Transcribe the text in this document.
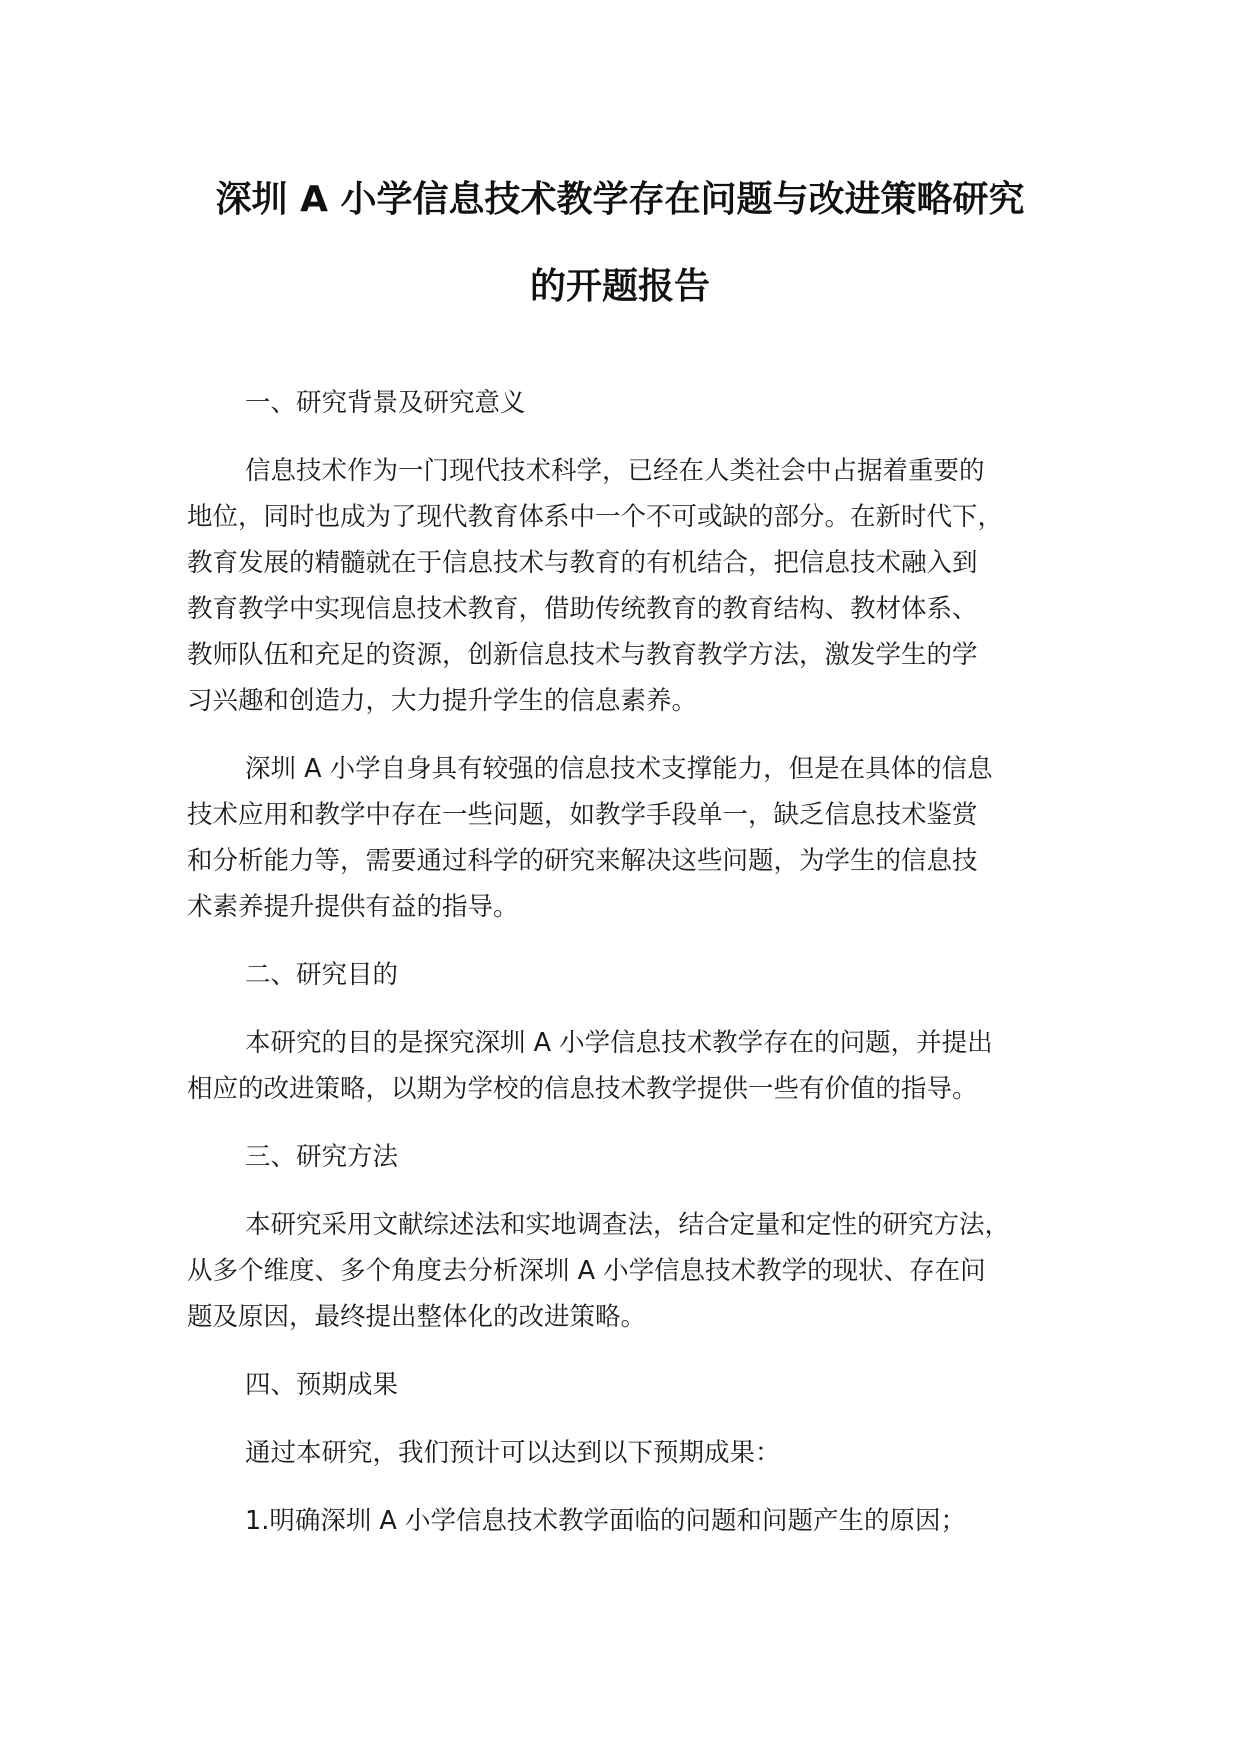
深圳 A 小学信息技术教学存在问题与改进策略研究
的开题报告
一、研究背景及研究意义
信息技术作为一门现代技术科学，已经在人类社会中占据着重要的
地位，同时也成为了现代教育体系中一个不可或缺的部分。在新时代下，
教育发展的精髓就在于信息技术与教育的有机结合，把信息技术融入到
教育教学中实现信息技术教育，借助传统教育的教育结构、教材体系、
教师队伍和充足的资源，创新信息技术与教育教学方法，激发学生的学
习兴趣和创造力，大力提升学生的信息素养。
深圳 A 小学自身具有较强的信息技术支撑能力，但是在具体的信息
技术应用和教学中存在一些问题，如教学手段单一，缺乏信息技术鉴赏
和分析能力等，需要通过科学的研究来解决这些问题，为学生的信息技
术素养提升提供有益的指导。
二、研究目的
本研究的目的是探究深圳 A 小学信息技术教学存在的问题，并提出
相应的改进策略，以期为学校的信息技术教学提供一些有价值的指导。
三、研究方法
本研究采用文献综述法和实地调查法，结合定量和定性的研究方法，
从多个维度、多个角度去分析深圳 A 小学信息技术教学的现状、存在问
题及原因，最终提出整体化的改进策略。
四、预期成果
通过本研究，我们预计可以达到以下预期成果：
1.明确深圳 A 小学信息技术教学面临的问题和问题产生的原因；
